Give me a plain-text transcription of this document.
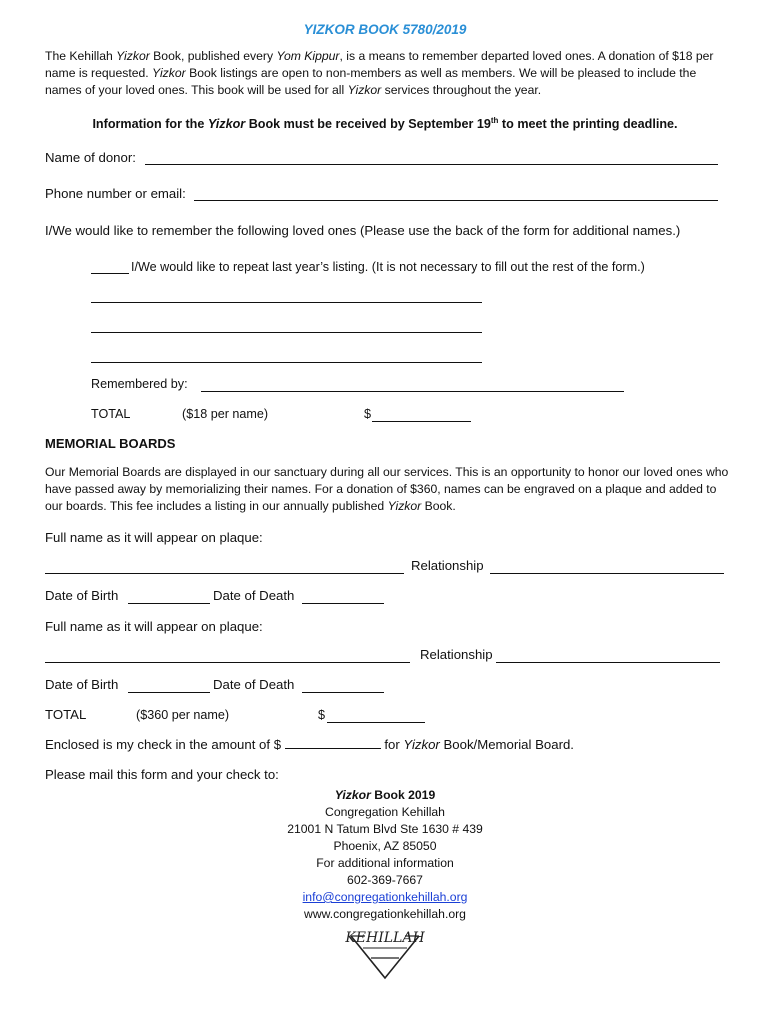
YIZKOR BOOK 5780/2019
The Kehillah Yizkor Book, published every Yom Kippur, is a means to remember departed loved ones. A donation of $18 per name is requested. Yizkor Book listings are open to non-members as well as members. We will be pleased to include the names of your loved ones. This book will be used for all Yizkor services throughout the year.
Information for the Yizkor Book must be received by September 19th to meet the printing deadline.
Name of donor:
Phone number or email:
I/We would like to remember the following loved ones (Please use the back of the form for additional names.)
I/We would like to repeat last year’s listing. (It is not necessary to fill out the rest of the form.)
Remembered by:
TOTAL	($18 per name)	$
MEMORIAL BOARDS
Our Memorial Boards are displayed in our sanctuary during all our services. This is an opportunity to honor our loved ones who have passed away by memorializing their names. For a donation of $360, names can be engraved on a plaque and added to our boards. This fee includes a listing in our annually published Yizkor Book.
Full name as it will appear on plaque:
Relationship
Date of Birth	Date of Death
Full name as it will appear on plaque:
Relationship
Date of Birth	Date of Death
TOTAL	($360 per name)	$
Enclosed is my check in the amount of $	for Yizkor Book/Memorial Board.
Please mail this form and your check to:
Yizkor Book 2019
Congregation Kehillah
21001 N Tatum Blvd Ste 1630 # 439
Phoenix, AZ 85050
For additional information
602-369-7667
info@congregationkehillah.org
www.congregationkehillah.org
KEHILLAH
